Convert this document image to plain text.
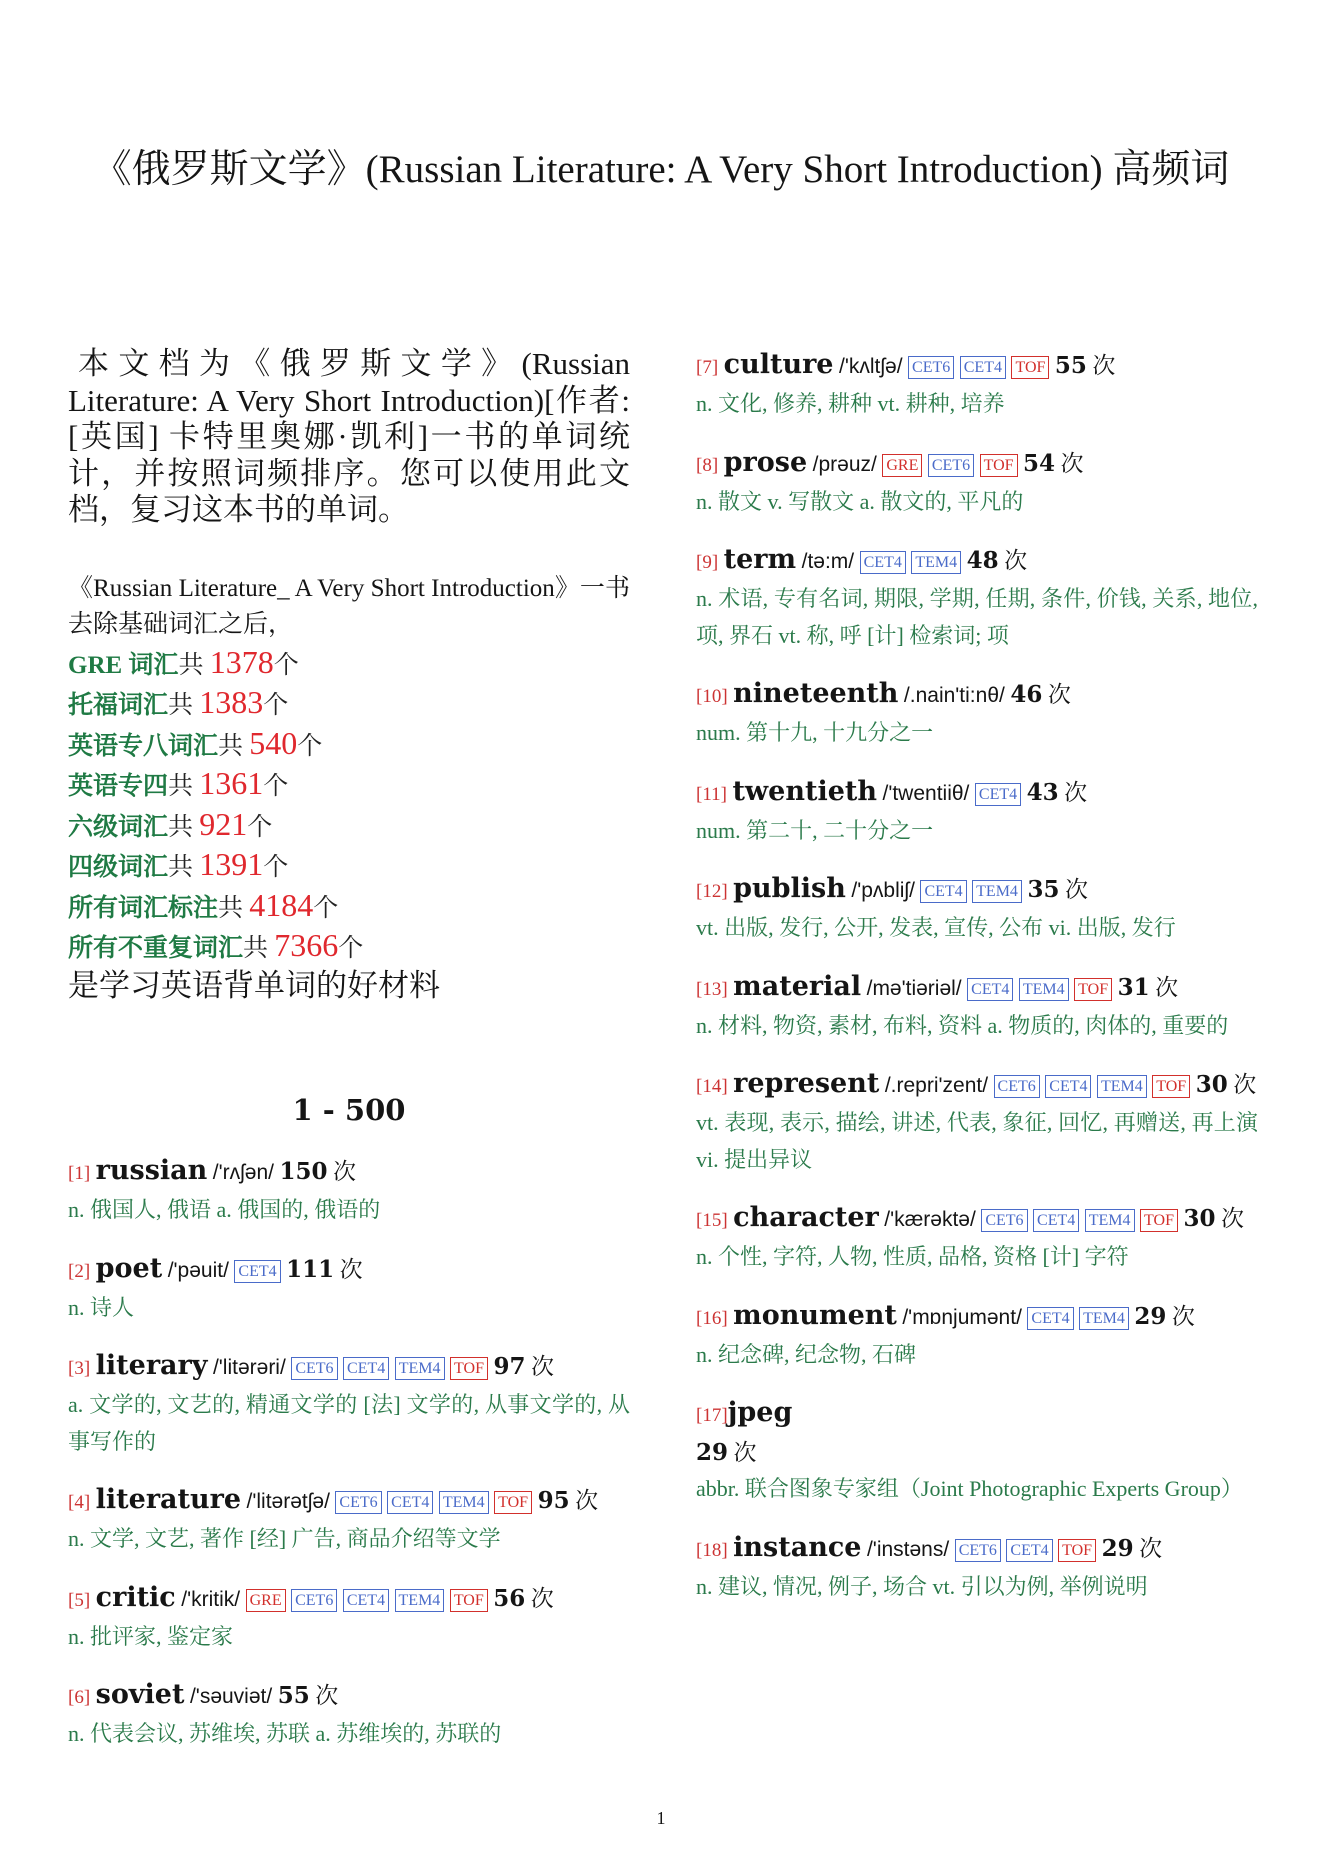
《俄罗斯文学》(Russian Literature: A Very Short Introduction) 高频词

本文档为《俄罗斯文学》(Russian Literature: A Very Short Introduction)[作者: [英国] 卡特里奥娜·凯利]一书的单词统计，并按照词频排序。您可以使用此文档，复习这本书的单词。

《Russian Literature_ A Very Short Introduction》一书去除基础词汇之后，
GRE 词汇共 1378个
托福词汇共 1383个
英语专八词汇共 540个
英语专四共 1361个
六级词汇共 921个
四级词汇共 1391个
所有词汇标注共 4184个
所有不重复词汇共 7366个
是学习英语背单词的好材料
1 - 500
[1] russian /'rʌʃən/ 150 次
n. 俄国人, 俄语 a. 俄国的, 俄语的
[2] poet /'pəuit/ CET4 111 次
n. 诗人
[3] literary /'litərəri/ CET6 CET4 TEM4 TOF 97 次
a. 文学的, 文艺的, 精通文学的 [法] 文学的, 从事文学的, 从事写作的
[4] literature /'litərətʃə/ CET6 CET4 TEM4 TOF 95 次
n. 文学, 文艺, 著作 [经] 广告, 商品介绍等文学
[5] critic /'kritik/ GRE CET6 CET4 TEM4 TOF 56 次
n. 批评家, 鉴定家
[6] soviet /'səuviət/ 55 次
n. 代表会议, 苏维埃, 苏联 a. 苏维埃的, 苏联的
[7] culture /'kʌltʃə/ CET6 CET4 TOF 55 次
n. 文化, 修养, 耕种 vt. 耕种, 培养
[8] prose /prəuz/ GRE CET6 TOF 54 次
n. 散文 v. 写散文 a. 散文的, 平凡的
[9] term /tə:m/ CET4 TEM4 48 次
n. 术语, 专有名词, 期限, 学期, 任期, 条件, 价钱, 关系, 地位, 项, 界石 vt. 称, 呼 [计] 检索词; 项
[10] nineteenth /.nain'ti:nθ/ 46 次
num. 第十九, 十九分之一
[11] twentieth /'twentiiθ/ CET4 43 次
num. 第二十, 二十分之一
[12] publish /'pʌbliʃ/ CET4 TEM4 35 次
vt. 出版, 发行, 公开, 发表, 宣传, 公布 vi. 出版, 发行
[13] material /mə'tiəriəl/ CET4 TEM4 TOF 31 次
n. 材料, 物资, 素材, 布料, 资料 a. 物质的, 肉体的, 重要的
[14] represent /.repri'zent/ CET6 CET4 TEM4 TOF 30 次
vt. 表现, 表示, 描绘, 讲述, 代表, 象征, 回忆, 再赠送, 再上演 vi. 提出异议
[15] character /'kærəktə/ CET6 CET4 TEM4 TOF 30 次
n. 个性, 字符, 人物, 性质, 品格, 资格 [计] 字符
[16] monument /'mɒnjumənt/ CET4 TEM4 29 次
n. 纪念碑, 纪念物, 石碑
[17]jpeg
29 次
abbr. 联合图象专家组（Joint Photographic Experts Group）
[18] instance /'instəns/ CET6 CET4 TOF 29 次
n. 建议, 情况, 例子, 场合 vt. 引以为例, 举例说明
1
